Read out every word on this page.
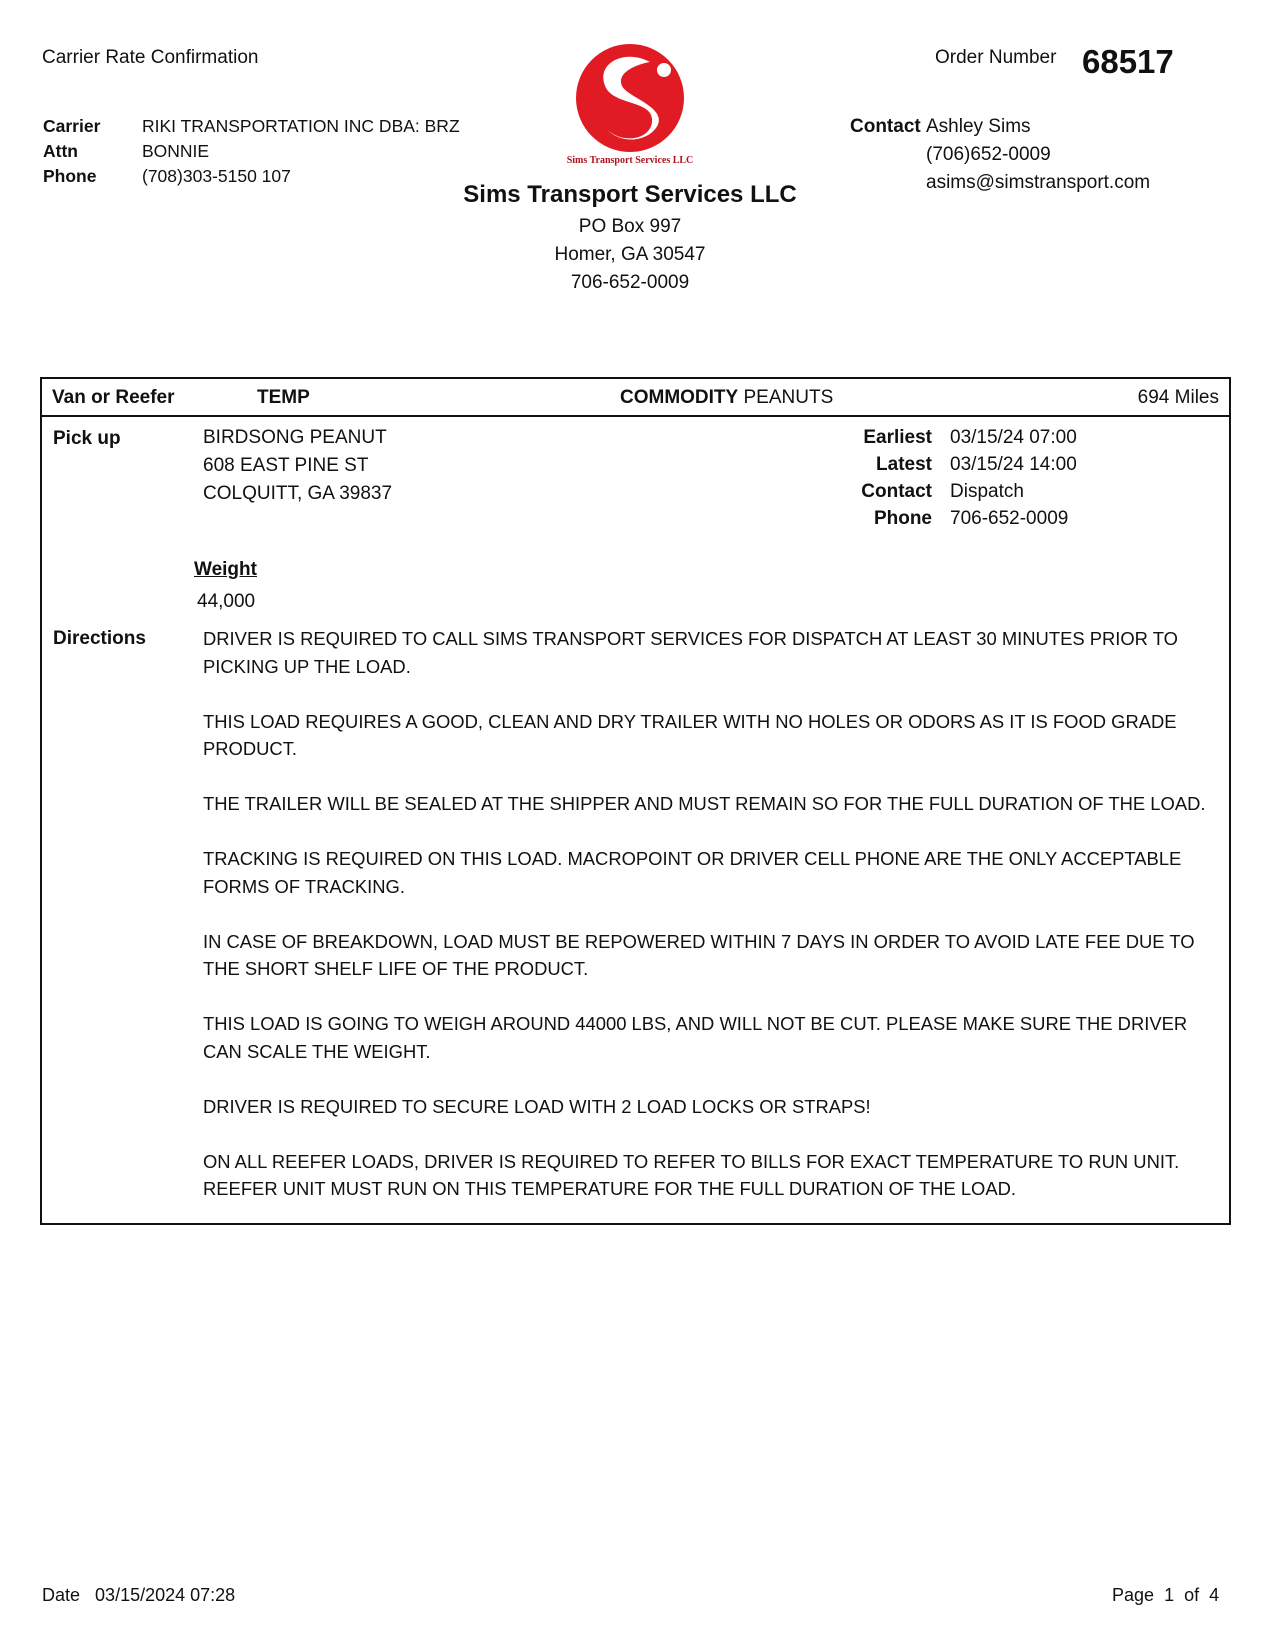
Carrier Rate Confirmation	Order Number 68517
Carrier	RIKI TRANSPORTATION INC DBA: BRZ
Attn	BONNIE
Phone	(708)303-5150 107
Sims Transport Services LLC
Sims Transport Services LLC
PO Box 997
Homer, GA 30547
706-652-0009
Contact Ashley Sims
(706)652-0009
asims@simstransport.com
Van or Reefer	TEMP	COMMODITY PEANUTS	694 Miles
Pick up	BIRDSONG PEANUT
608 EAST PINE ST
COLQUITT, GA 39837
Earliest 03/15/24 07:00
Latest 03/15/24 14:00
Contact Dispatch
Phone 706-652-0009
Weight
44,000
Directions	DRIVER IS REQUIRED TO CALL SIMS TRANSPORT SERVICES FOR DISPATCH AT LEAST 30 MINUTES PRIOR TO PICKING UP THE LOAD.

THIS LOAD REQUIRES A GOOD, CLEAN AND DRY TRAILER WITH NO HOLES OR ODORS AS IT IS FOOD GRADE PRODUCT.

THE TRAILER WILL BE SEALED AT THE SHIPPER AND MUST REMAIN SO FOR THE FULL DURATION OF THE LOAD.

TRACKING IS REQUIRED ON THIS LOAD. MACROPOINT OR DRIVER CELL PHONE ARE THE ONLY ACCEPTABLE FORMS OF TRACKING.

IN CASE OF BREAKDOWN, LOAD MUST BE REPOWERED WITHIN 7 DAYS IN ORDER TO AVOID LATE FEE DUE TO THE SHORT SHELF LIFE OF THE PRODUCT.

THIS LOAD IS GOING TO WEIGH AROUND 44000 LBS, AND WILL NOT BE CUT. PLEASE MAKE SURE THE DRIVER CAN SCALE THE WEIGHT.

DRIVER IS REQUIRED TO SECURE LOAD WITH 2 LOAD LOCKS OR STRAPS!

ON ALL REEFER LOADS, DRIVER IS REQUIRED TO REFER TO BILLS FOR EXACT TEMPERATURE TO RUN UNIT. REEFER UNIT MUST RUN ON THIS TEMPERATURE FOR THE FULL DURATION OF THE LOAD.

Date 03/15/2024 07:28	Page 1 of 4
